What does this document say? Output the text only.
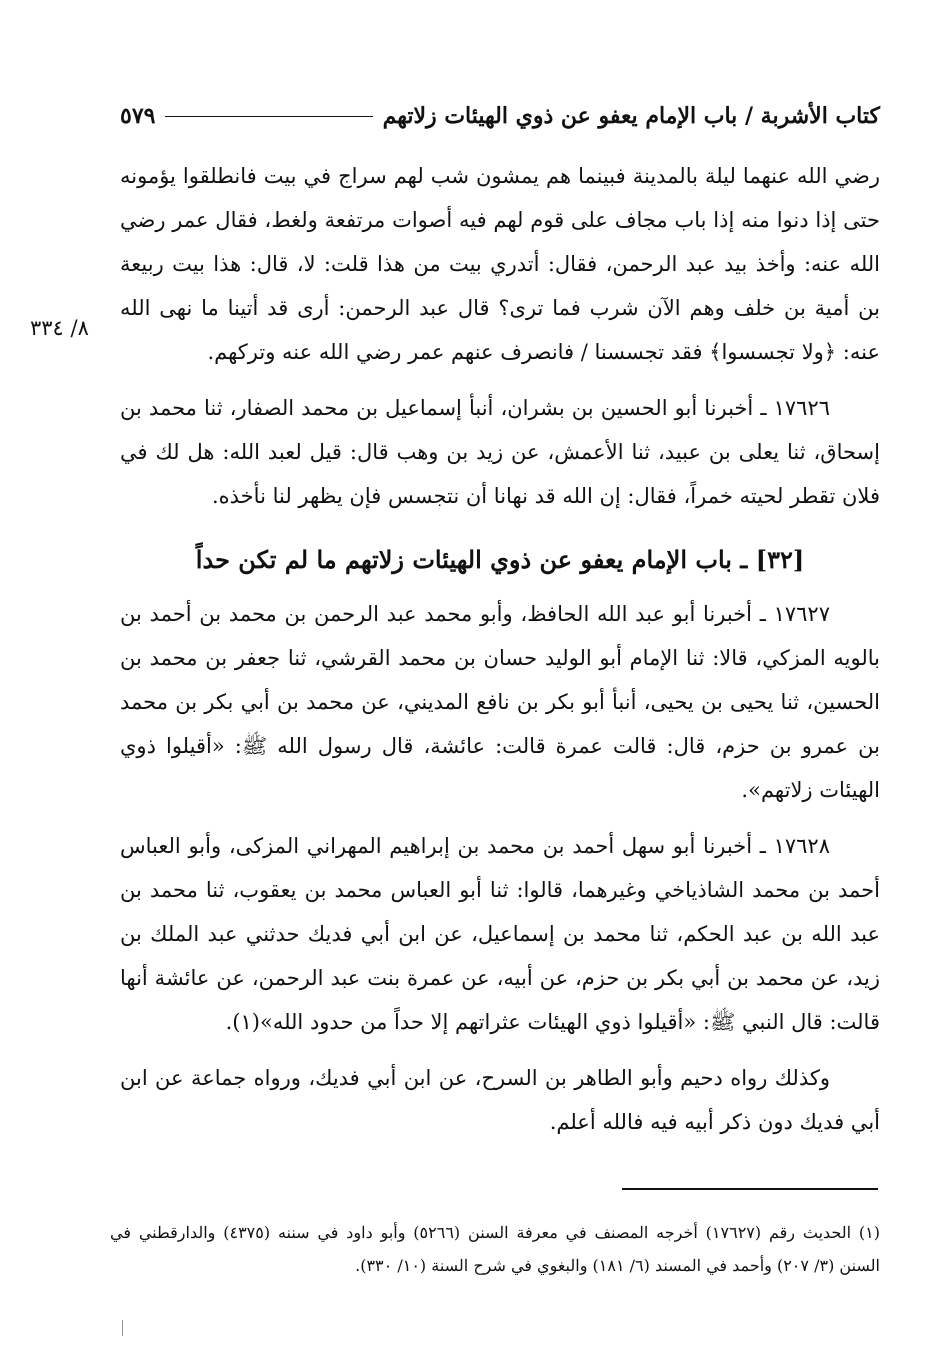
كتاب الأشربة / باب الإمام يعفو عن ذوي الهيئات زلاتهم
٥٧٩
٨/ ٣٣٤

رضي الله عنهما ليلة بالمدينة فبينما هم يمشون شب لهم سراج في بيت فانطلقوا يؤمونه حتى إذا دنوا منه إذا باب مجاف على قوم لهم فيه أصوات مرتفعة ولغط، فقال عمر رضي الله عنه: وأخذ بيد عبد الرحمن، فقال: أتدري بيت من هذا قلت: لا، قال: هذا بيت ربيعة بن أمية بن خلف وهم الآن شرب فما ترى؟ قال عبد الرحمن: أرى قد أتينا ما نهى الله عنه: ﴿ولا تجسسوا﴾ فقد تجسسنا / فانصرف عنهم عمر رضي الله عنه وتركهم.

١٧٦٢٦ ـ أخبرنا أبو الحسين بن بشران، أنبأ إسماعيل بن محمد الصفار، ثنا محمد بن إسحاق، ثنا يعلى بن عبيد، ثنا الأعمش، عن زيد بن وهب قال: قيل لعبد الله: هل لك في فلان تقطر لحيته خمراً، فقال: إن الله قد نهانا أن نتجسس فإن يظهر لنا نأخذه.

[٣٢] ـ باب الإمام يعفو عن ذوي الهيئات زلاتهم ما لم تكن حداً

١٧٦٢٧ ـ أخبرنا أبو عبد الله الحافظ، وأبو محمد عبد الرحمن بن محمد بن أحمد بن بالويه المزكي، قالا: ثنا الإمام أبو الوليد حسان بن محمد القرشي، ثنا جعفر بن محمد بن الحسين، ثنا يحيى بن يحيى، أنبأ أبو بكر بن نافع المديني، عن محمد بن أبي بكر بن محمد بن عمرو بن حزم، قال: قالت عمرة قالت: عائشة، قال رسول الله ﷺ: «أقيلوا ذوي الهيئات زلاتهم».

١٧٦٢٨ ـ أخبرنا أبو سهل أحمد بن محمد بن إبراهيم المهراني المزكى، وأبو العباس أحمد بن محمد الشاذياخي وغيرهما، قالوا: ثنا أبو العباس محمد بن يعقوب، ثنا محمد بن عبد الله بن عبد الحكم، ثنا محمد بن إسماعيل، عن ابن أبي فديك حدثني عبد الملك بن زيد، عن محمد بن أبي بكر بن حزم، عن أبيه، عن عمرة بنت عبد الرحمن، عن عائشة أنها قالت: قال النبي ﷺ: «أقيلوا ذوي الهيئات عثراتهم إلا حداً من حدود الله»(١).

وكذلك رواه دحيم وأبو الطاهر بن السرح، عن ابن أبي فديك، ورواه جماعة عن ابن أبي فديك دون ذكر أبيه فيه فالله أعلم.

(١) الحديث رقم (١٧٦٢٧) أخرجه المصنف في معرفة السنن (٥٢٦٦) وأبو داود في سننه (٤٣٧٥) والدارقطني في السنن (٣/ ٢٠٧) وأحمد في المسند (٦/ ١٨١) والبغوي في شرح السنة (١٠/ ٣٣٠).
